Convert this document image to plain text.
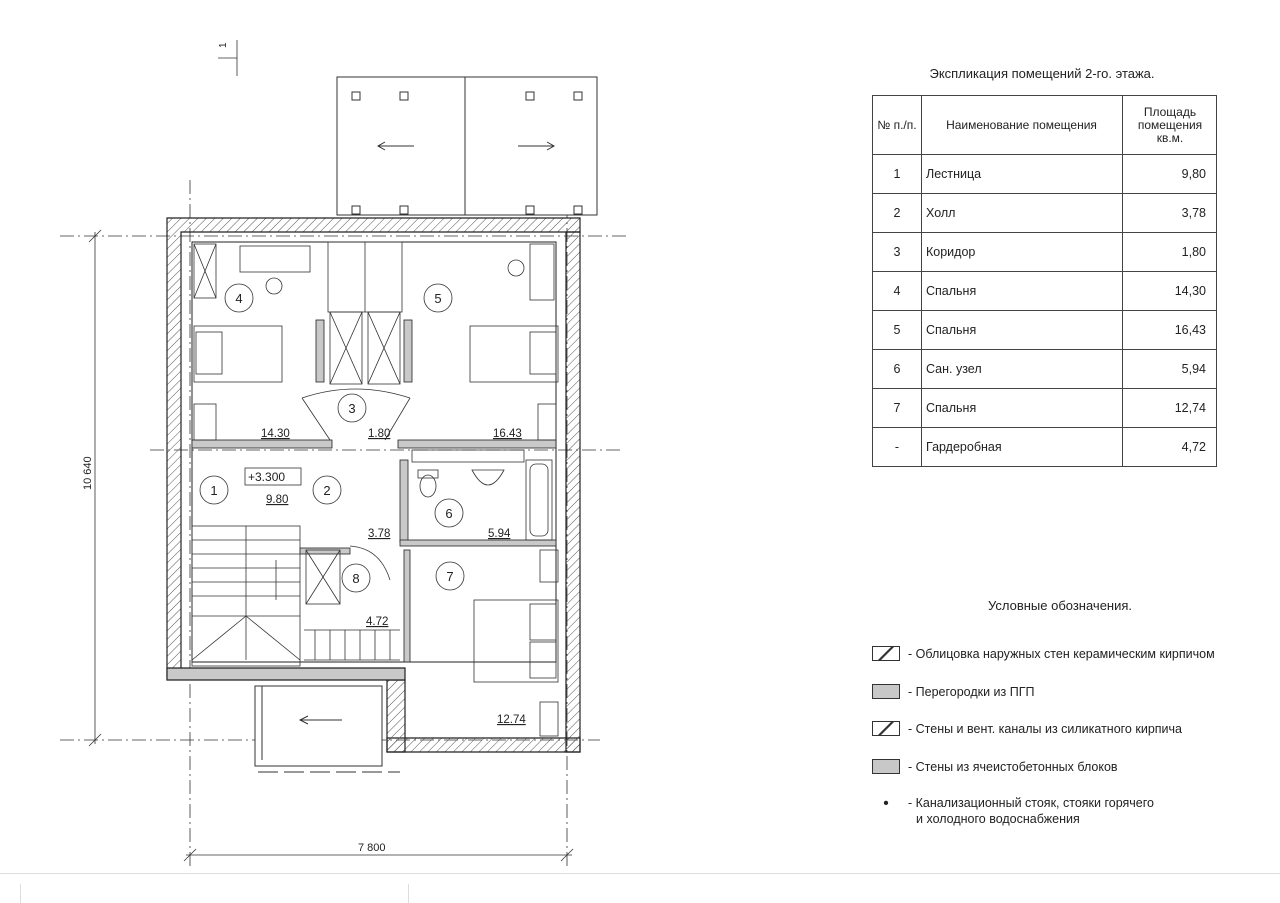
4	5
3
1	2
6
8	7
14.30	1.80	16.43
9.80
3.78	5.94
4.72
12.74
+3.300
10 640
7 800
1
Экспликация помещений 2-го. этажа.
№ п./п.	Наименование помещения	Площадь помещения кв.м.
1	Лестница	9,80
2	Холл	3,78
3	Коридор	1,80
4	Спальня	14,30
5	Спальня	16,43
6	Сан. узел	5,94
7	Спальня	12,74
-	Гардеробная	4,72
Условные обозначения.
- Облицовка наружных стен керамическим кирпичом
- Перегородки из ПГП
- Стены и вент. каналы из силикатного кирпича
- Стены из ячеистобетонных блоков
•	- Канализационный стояк, стояки горячего
и холодного водоснабжения
